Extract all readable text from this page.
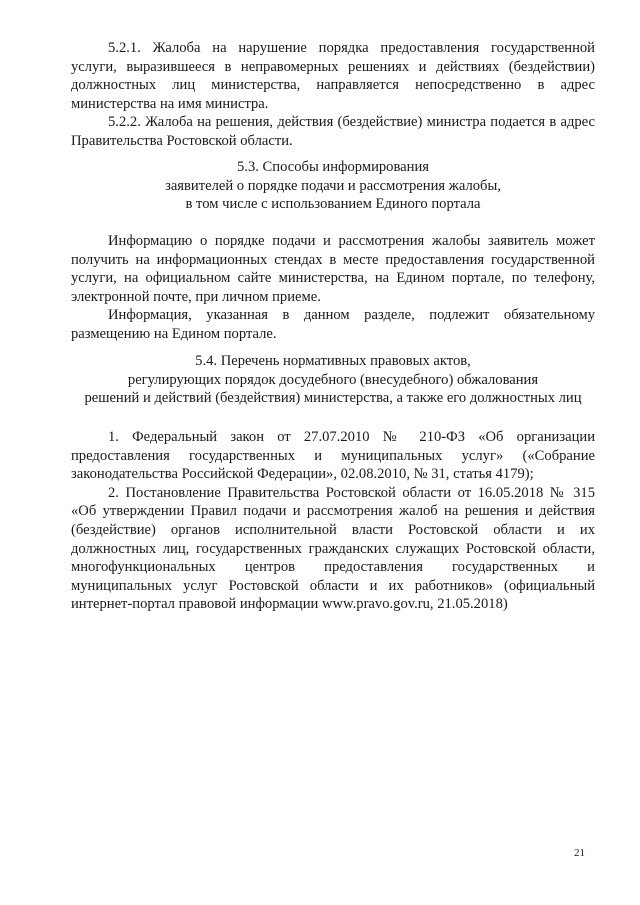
5.2.1. Жалоба на нарушение порядка предоставления государственной услуги, выразившееся в неправомерных решениях и действиях (бездействии) должностных лиц министерства, направляется непосредственно в адрес министерства на имя министра.

5.2.2. Жалоба на решения, действия (бездействие) министра подается в адрес Правительства Ростовской области.

5.3. Способы информирования
заявителей о порядке подачи и рассмотрения жалобы,
в том числе с использованием Единого портала

Информацию о порядке подачи и рассмотрения жалобы заявитель может получить на информационных стендах в месте предоставления государственной услуги, на официальном сайте министерства, на Едином портале, по телефону, электронной почте, при личном приеме.

Информация, указанная в данном разделе, подлежит обязательному размещению на Едином портале.

5.4. Перечень нормативных правовых актов,
регулирующих порядок досудебного (внесудебного) обжалования
решений и действий (бездействия) министерства, а также его должностных лиц

1. Федеральный закон от 27.07.2010 № 210-ФЗ «Об организации предоставления государственных и муниципальных услуг» («Собрание законодательства Российской Федерации», 02.08.2010, № 31, статья 4179);

2. Постановление Правительства Ростовской области от 16.05.2018 № 315 «Об утверждении Правил подачи и рассмотрения жалоб на решения и действия (бездействие) органов исполнительной власти Ростовской области и их должностных лиц, государственных гражданских служащих Ростовской области, многофункциональных центров предоставления государственных и муниципальных услуг Ростовской области и их работников» (официальный интернет-портал правовой информации www.pravo.gov.ru, 21.05.2018)

21
